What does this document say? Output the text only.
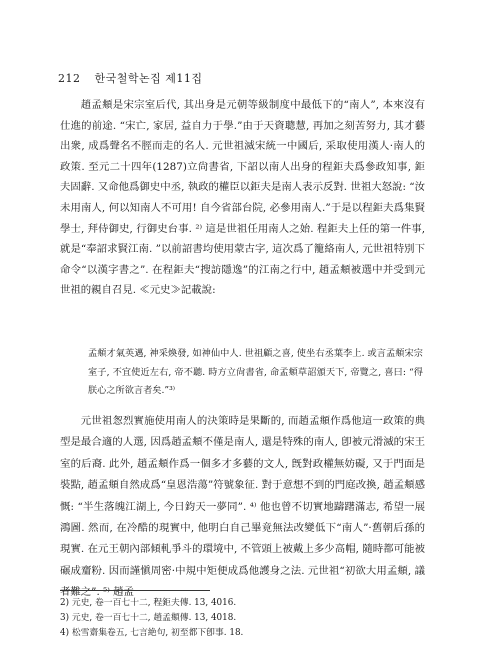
212 한국철학논집 제11집

趙孟頫是宋宗室后代, 其出身是元朝等級制度中最低下的“南人”, 本來沒有仕進的前途. “宋亡, 家居, 益自力于學.”由于天資聰慧, 再加之刻苦努力, 其才藝出衆, 成爲聲名不脛而走的名人. 元世祖滅宋統一中國后, 采取使用漢人·南人的政策. 至元二十四年(1287)立尙書省, 下詔以南人出身的程鉅夫爲參政知事, 鉅夫固辭. 又命他爲御史中丞, 執政的權臣以鉅夫是南人表示反對. 世祖大怒說: “汝未用南人, 何以知南人不可用! 自今省部台院, 必參用南人.”于是以程鉅夫爲集賢學士, 拜侍御史, 行御史台事. ²⁾ 這是世祖任用南人之始. 程鉅夫上任的第一件事, 就是“奉詔求賢江南. ”以前詔書均使用蒙古字, 這次爲了籠絡南人, 元世祖特別下命令“以漢字書之”. 在程鉅夫“搜訪隱逸”的江南之行中, 趙孟頫被選中并受到元世祖的親自召見. ≪元史≫記載說:

孟頫才氣英邁, 神采煥發, 如神仙中人. 世祖顧之喜, 使坐右丞葉李上. 或言孟頫宋宗室子, 不宜使近左右, 帝不聽. 時方立尙書省, 命孟頫草詔頒天下, 帝覽之, 喜曰: “得朕心之所欲言者矣.”³⁾

元世祖怱烈實施使用南人的決策時是果斷的, 而趙孟頫作爲他這一政策的典型是最合適的人選, 因爲趙孟頫不僅是南人, 還是特殊的南人, 卽被元滑滅的宋王室的后裔. 此外, 趙孟頫作爲一個多才多藝的文人, 旣對政權無妨礙, 又于門面是裝點, 趙孟頫自然成爲“皇恩浩蕩”符號象征. 對于意想不到的門庭改換, 趙孟頫感慨: “半生落魄江湖上, 今日鈞天一夢同”. ⁴⁾ 他也曾不切實地躊躇滿志, 希望一展鴻圖. 然而, 在冷酷的現實中, 他明白自己畢竟無法改變低下“南人”·舊朝后孫的現實. 在元王朝內部傾軋爭斗的環境中, 不管頭上被戴上多少高帽, 隨時都可能被碾成齏粉. 因而謹愼周密·中規中矩便成爲他護身之法. 元世祖“初欲大用孟頫, 議者難之”. ⁵⁾ 趙孟

2) 元史, 卷一百七十二, 程鉅夫傳. 13, 4016.
3) 元史, 卷一百七十二, 趙孟頫傳. 13, 4018.
4) 松雪齋集卷五, 七言絶句, 初至都下卽事. 18.
